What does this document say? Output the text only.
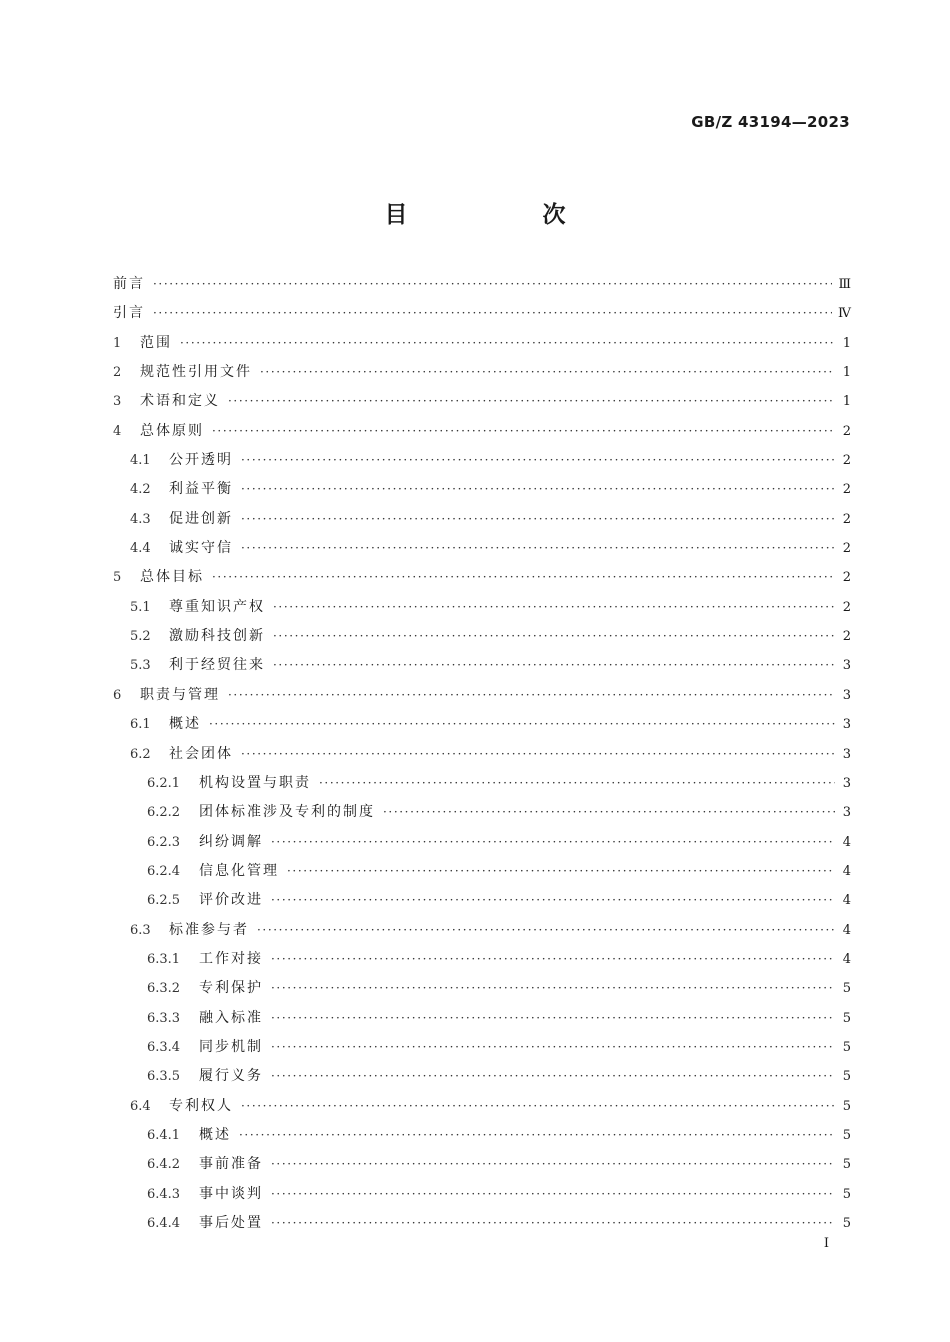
GB/Z 43194—2023
目　次
前言 ·····	Ⅲ
引言 ·····	Ⅳ
1	范围 ·····	1
2	规范性引用文件 ·····	1
3	术语和定义 ·····	1
4	总体原则 ·····	2
4.1	公开透明 ·····	2
4.2	利益平衡 ·····	2
4.3	促进创新 ·····	2
4.4	诚实守信 ·····	2
5	总体目标 ·····	2
5.1	尊重知识产权 ·····	2
5.2	激励科技创新 ·····	2
5.3	利于经贸往来 ·····	3
6	职责与管理 ·····	3
6.1	概述 ·····	3
6.2	社会团体 ·····	3
6.2.1	机构设置与职责 ·····	3
6.2.2	团体标准涉及专利的制度 ·····	3
6.2.3	纠纷调解 ·····	4
6.2.4	信息化管理 ·····	4
6.2.5	评价改进 ·····	4
6.3	标准参与者 ·····	4
6.3.1	工作对接 ·····	4
6.3.2	专利保护 ·····	5
6.3.3	融入标准 ·····	5
6.3.4	同步机制 ·····	5
6.3.5	履行义务 ·····	5
6.4	专利权人 ·····	5
6.4.1	概述 ·····	5
6.4.2	事前准备 ·····	5
6.4.3	事中谈判 ·····	5
6.4.4	事后处置 ·····	5
I
